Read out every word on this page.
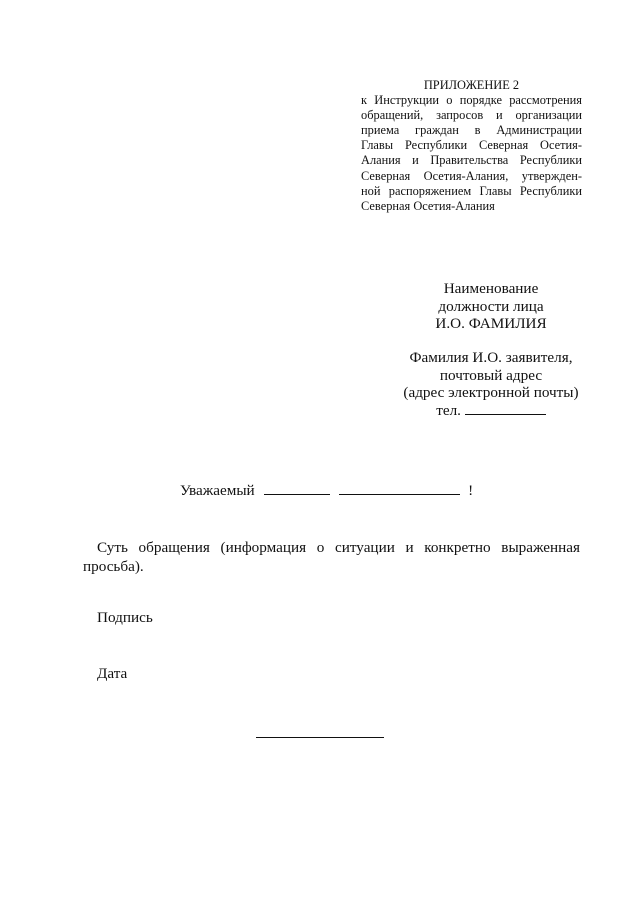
ПРИЛОЖЕНИЕ 2
к Инструкции о порядке рассмотрения
обращений, запросов и организации
приема граждан в Администрации
Главы Республики Северная Осетия-
Алания и Правительства Республики
Северная Осетия-Алания, утвержден-
ной распоряжением Главы Республики
Северная Осетия-Алания
Наименование
должности лица
И.О. ФАМИЛИЯ
Фамилия И.О. заявителя,
почтовый адрес
(адрес электронной почты)
тел.
Уважаемый	!
Суть обращения (информация о ситуации и конкретно выраженная
просьба).
Подпись
Дата
